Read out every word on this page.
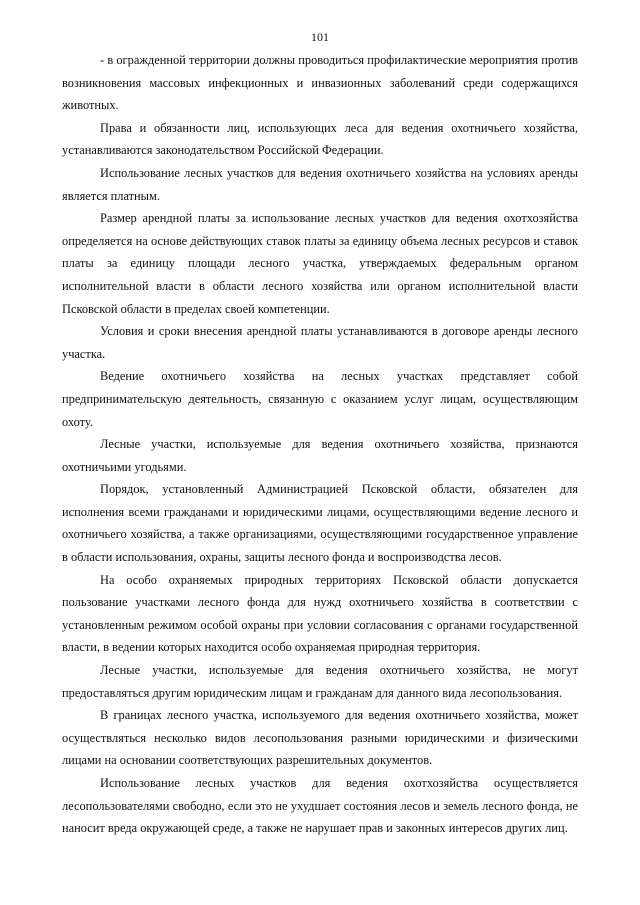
101

- в огражденной территории должны проводиться профилактические мероприятия против возникновения массовых инфекционных и инвазионных заболеваний среди содержащихся животных.

Права и обязанности лиц, использующих леса для ведения охотничьего хозяйства, устанавливаются законодательством Российской Федерации.

Использование лесных участков для ведения охотничьего хозяйства на условиях аренды является платным.

Размер арендной платы за использование лесных участков для ведения охотхозяйства определяется на основе действующих ставок платы за единицу объема лесных ресурсов и ставок платы за единицу площади лесного участка, утверждаемых федеральным органом исполнительной власти в области лесного хозяйства или органом исполнительной власти Псковской области в пределах своей компетенции.

Условия и сроки внесения арендной платы устанавливаются в договоре аренды лесного участка.

Ведение охотничьего хозяйства на лесных участках представляет собой предпринимательскую деятельность, связанную с оказанием услуг лицам, осуществляющим охоту.

Лесные участки, используемые для ведения охотничьего хозяйства, признаются охотничьими угодьями.

Порядок, установленный Администрацией Псковской области, обязателен для исполнения всеми гражданами и юридическими лицами, осуществляющими ведение лесного и охотничьего хозяйства, а также организациями, осуществляющими государственное управление в области использования, охраны, защиты лесного фонда и воспроизводства лесов.

На особо охраняемых природных территориях Псковской области допускается пользование участками лесного фонда для нужд охотничьего хозяйства в соответствии с установленным режимом особой охраны при условии согласования с органами государственной власти, в ведении которых находится особо охраняемая природная территория.

Лесные участки, используемые для ведения охотничьего хозяйства, не могут предоставляться другим юридическим лицам и гражданам для данного вида лесопользования.

В границах лесного участка, используемого для ведения охотничьего хозяйства, может осуществляться несколько видов лесопользования разными юридическими и физическими лицами на основании соответствующих разрешительных документов.

Использование лесных участков для ведения охотхозяйства осуществляется лесопользователями свободно, если это не ухудшает состояния лесов и земель лесного фонда, не наносит вреда окружающей среде, а также не нарушает прав и законных интересов других лиц.
